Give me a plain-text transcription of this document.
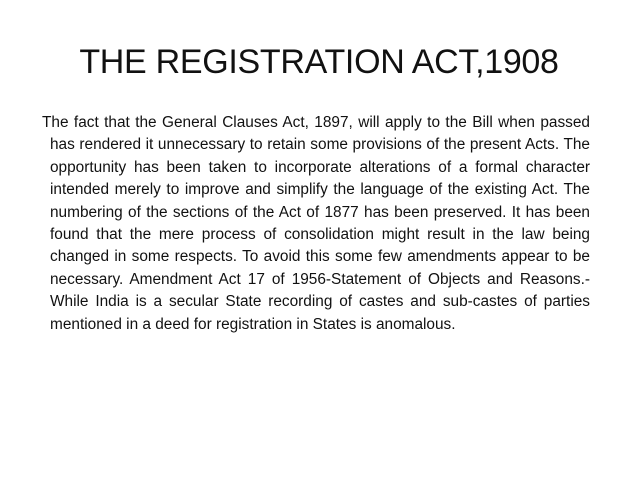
THE REGISTRATION ACT,1908

The fact that the General Clauses Act, 1897, will apply to the Bill when passed has rendered it unnecessary to retain some provisions of the present Acts. The opportunity has been taken to incorporate alterations of a formal character intended merely to improve and simplify the language of the existing Act. The numbering of the sections of the Act of 1877 has been preserved. It has been found that the mere process of consolidation might result in the law being changed in some respects. To avoid this some few amendments appear to be necessary. Amendment Act 17 of 1956-Statement of Objects and Reasons.-While India is a secular State recording of castes and sub-castes of parties mentioned in a deed for registration in States is anomalous.
